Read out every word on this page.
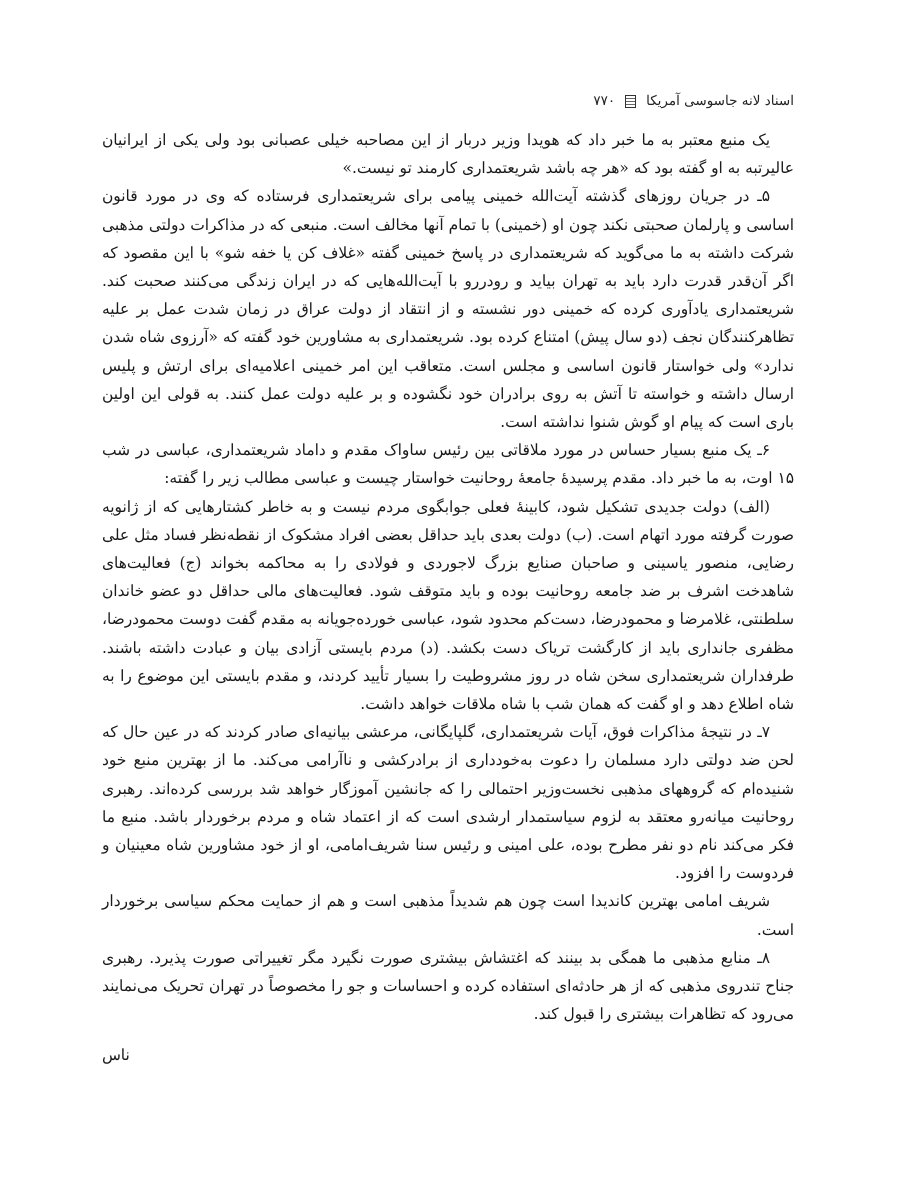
اسناد لانه جاسوسی آمریکا
۷۷۰

یک منبع معتبر به ما خبر داد که هویدا وزیر دربار از این مصاحبه خیلی عصبانی بود ولی یکی از ایرانیان عالیرتبه به او گفته بود که «هر چه باشد شریعتمداری کارمند تو نیست.»

۵ـ در جریان روزهای گذشته آیت‌الله خمینی پیامی برای شریعتمداری فرستاده که وی در مورد قانون اساسی و پارلمان صحبتی نکند چون او (خمینی) با تمام آنها مخالف است. منبعی که در مذاکرات دولتی مذهبی شرکت داشته به ما می‌گوید که شریعتمداری در پاسخ خمینی گفته «غلاف کن یا خفه شو» با این مقصود که اگر آن‌قدر قدرت دارد باید به تهران بیاید و رودررو با آیت‌الله‌هایی که در ایران زندگی می‌کنند صحبت کند. شریعتمداری یادآوری کرده که خمینی دور نشسته و از انتقاد از دولت عراق در زمان شدت عمل بر علیه تظاهرکنندگان نجف (دو سال پیش) امتناع کرده بود. شریعتمداری به مشاورین خود گفته که «آرزوی شاه شدن ندارد» ولی خواستار قانون اساسی و مجلس است. متعاقب این امر خمینی اعلامیه‌ای برای ارتش و پلیس ارسال داشته و خواسته تا آتش به روی برادران خود نگشوده و بر علیه دولت عمل کنند. به قولی این اولین باری است که پیام او گوش شنوا نداشته است.

۶ـ یک منبع بسیار حساس در مورد ملاقاتی بین رئیس ساواک مقدم و داماد شریعتمداری، عباسی در شب ۱۵ اوت، به ما خبر داد. مقدم پرسیدهٔ جامعهٔ روحانیت خواستار چیست و عباسی مطالب زیر را گفته:

(الف) دولت جدیدی تشکیل شود، کابینهٔ فعلی جوابگوی مردم نیست و به خاطر کشتارهایی که از ژانویه صورت گرفته مورد اتهام است. (ب) دولت بعدی باید حداقل بعضی افراد مشکوک از نقطه‌نظر فساد مثل علی رضایی، منصور یاسینی و صاحبان صنایع بزرگ لاجوردی و فولادی را به محاکمه بخواند (ج) فعالیت‌های شاهدخت اشرف بر ضد جامعه روحانیت بوده و باید متوقف شود. فعالیت‌های مالی حداقل دو عضو خاندان سلطنتی، غلامرضا و محمودرضا، دست‌کم محدود شود، عباسی خورده‌جویانه به مقدم گفت دوست محمودرضا، مظفری جانداری باید از کارگشت تریاک دست بکشد. (د) مردم بایستی آزادی بیان و عبادت داشته باشند. طرفداران شریعتمداری سخن شاه در روز مشروطیت را بسیار تأیید کردند، و مقدم بایستی این موضوع را به شاه اطلاع دهد و او گفت که همان شب با شاه ملاقات خواهد داشت.

۷ـ در نتیجهٔ مذاکرات فوق، آیات شریعتمداری، گلپایگانی، مرعشی بیانیه‌ای صادر کردند که در عین حال که لحن ضد دولتی دارد مسلمان را دعوت به‌خودداری از برادرکشی و ناآرامی می‌کند. ما از بهترین منبع خود شنیده‌ام که گروههای مذهبی نخست‌وزیر احتمالی را که جانشین آموزگار خواهد شد بررسی کرده‌اند. رهبری روحانیت میانه‌رو معتقد به لزوم سیاستمدار ارشدی است که از اعتماد شاه و مردم برخوردار باشد. منبع ما فکر می‌کند نام دو نفر مطرح بوده، علی امینی و رئیس سنا شریف‌امامی، او از خود مشاورین شاه معینیان و فردوست را افزود.

شریف امامی بهترین کاندیدا است چون هم شدیداً مذهبی است و هم از حمایت محکم سیاسی برخوردار است.

۸ـ منابع مذهبی ما همگی بد بینند که اغتشاش بیشتری صورت نگیرد مگر تغییراتی صورت پذیرد. رهبری جناح تندروی مذهبی که از هر حادثه‌ای استفاده کرده و احساسات و جو را مخصوصاً در تهران تحریک می‌نمایند می‌رود که تظاهرات بیشتری را قبول کند.

ناس
